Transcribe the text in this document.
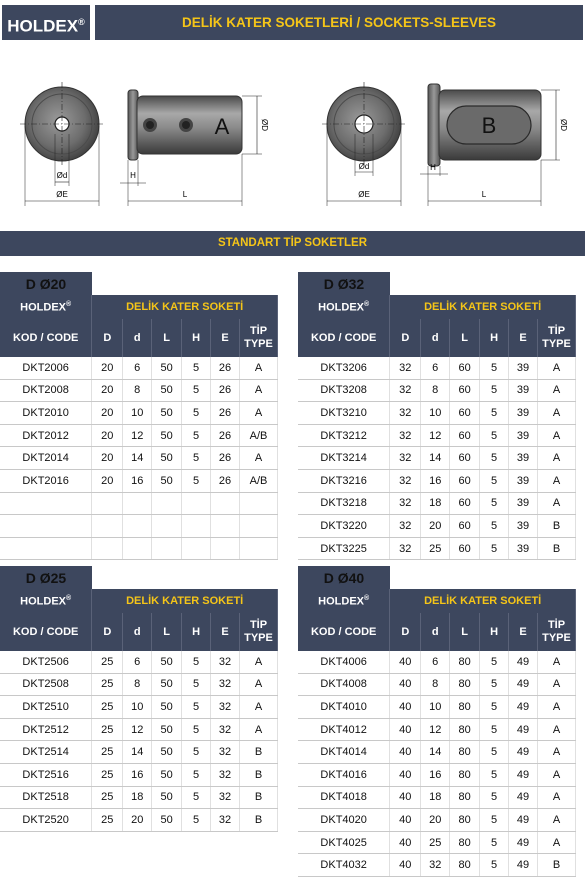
HOLDEX®	DELİK KATER SOKETLERİ / SOCKETS-SLEEVES
Ød
ØE
A	ØD
H
L
Ød
ØE
B	ØD
H
L
STANDART TİP SOKETLER
D Ø20						
HOLDEX®	DELİK KATER SOKETİ					
KOD / CODE	D	d	L	H	E	TİP
TYPE

DKT2006	20	6	50	5	26	A
DKT2008	20	8	50	5	26	A
DKT2010	20	10	50	5	26	A
DKT2012	20	12	50	5	26	A/B
DKT2014	20	14	50	5	26	A
DKT2016	20	16	50	5	26	A/B

D Ø32						
HOLDEX®	DELİK KATER SOKETİ					
KOD / CODE	D	d	L	H	E	TİP
TYPE

DKT3206	32	6	60	5	39	A
DKT3208	32	8	60	5	39	A
DKT3210	32	10	60	5	39	A
DKT3212	32	12	60	5	39	A
DKT3214	32	14	60	5	39	A
DKT3216	32	16	60	5	39	A
DKT3218	32	18	60	5	39	A
DKT3220	32	20	60	5	39	B
DKT3225	32	25	60	5	39	B
D Ø25						
HOLDEX®	DELİK KATER SOKETİ					
KOD / CODE	D	d	L	H	E	TİP
TYPE

DKT2506	25	6	50	5	32	A
DKT2508	25	8	50	5	32	A
DKT2510	25	10	50	5	32	A
DKT2512	25	12	50	5	32	A
DKT2514	25	14	50	5	32	B
DKT2516	25	16	50	5	32	B
DKT2518	25	18	50	5	32	B
DKT2520	25	20	50	5	32	B
D Ø40						
HOLDEX®	DELİK KATER SOKETİ					
KOD / CODE	D	d	L	H	E	TİP
TYPE

DKT4006	40	6	80	5	49	A
DKT4008	40	8	80	5	49	A
DKT4010	40	10	80	5	49	A
DKT4012	40	12	80	5	49	A
DKT4014	40	14	80	5	49	A
DKT4016	40	16	80	5	49	A
DKT4018	40	18	80	5	49	A
DKT4020	40	20	80	5	49	A
DKT4025	40	25	80	5	49	A
DKT4032	40	32	80	5	49	B
